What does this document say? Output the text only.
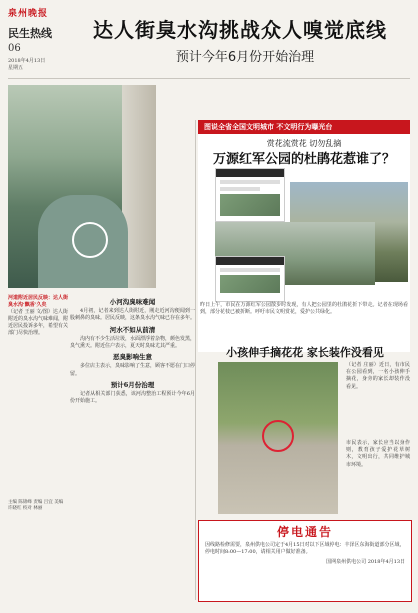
泉州晚报
民生热线
06
2018年4月13日
星期五
达人街臭水沟挑战众人嗅觉底线
预计今年6月份开始治理
河道附近居民反映：达人街臭水沟‘飘香’久矣
（记者 王丽 文/图）达人街附近的臭水沟气味难闻，附近居民投诉多年，希望有关部门尽快治理。
小河沟臭味难闻

4月初，记者来到达人街附近，刚走近河沟便闻到一股刺鼻的臭味。居民反映，这条臭水沟气味已存在多年。

河水不如从前清

沟内有不少生活垃圾，水面漂浮着杂物，颜色发黑，臭气熏天。附近住户表示，夏天时臭味尤其严重。

恶臭影响生意

多位店主表示，臭味影响了生意，顾客不愿在门口停留。

预计6月份治理

记者从相关部门获悉，该河沟整治工程预计今年6月份开始施工。

主编 陈锦峰 责编 吕宜 美编 许晓红 校对 林丽
图说全省全国文明城市 不文明行为曝光台
赏花流赏花 切勿乱摘
万源红军公园的杜鹃花惹谁了？
昨日上午，市民在万源红军公园散步时发现，有人把公园里的杜鹃花折下带走。记者在现场看到，部分花枝已被折断。呼吁市民文明赏花，爱护公共绿化。
小孩伸手摘花花 家长装作没看见
（记者 庄丽）近日，有市民在公园看到，一名小孩伸手摘花，身旁的家长却装作没看见。
市民表示，家长应当以身作则，教育孩子爱护花草树木，文明出行，共同维护城市环境。
停电通告
因线路检修需要，泉州供电公司定于4月15日对以下区域停电：丰泽区东海街道部分区域，停电时间8:00—17:00，请相关用户做好准备。
国网泉州供电公司 2018年4月13日
